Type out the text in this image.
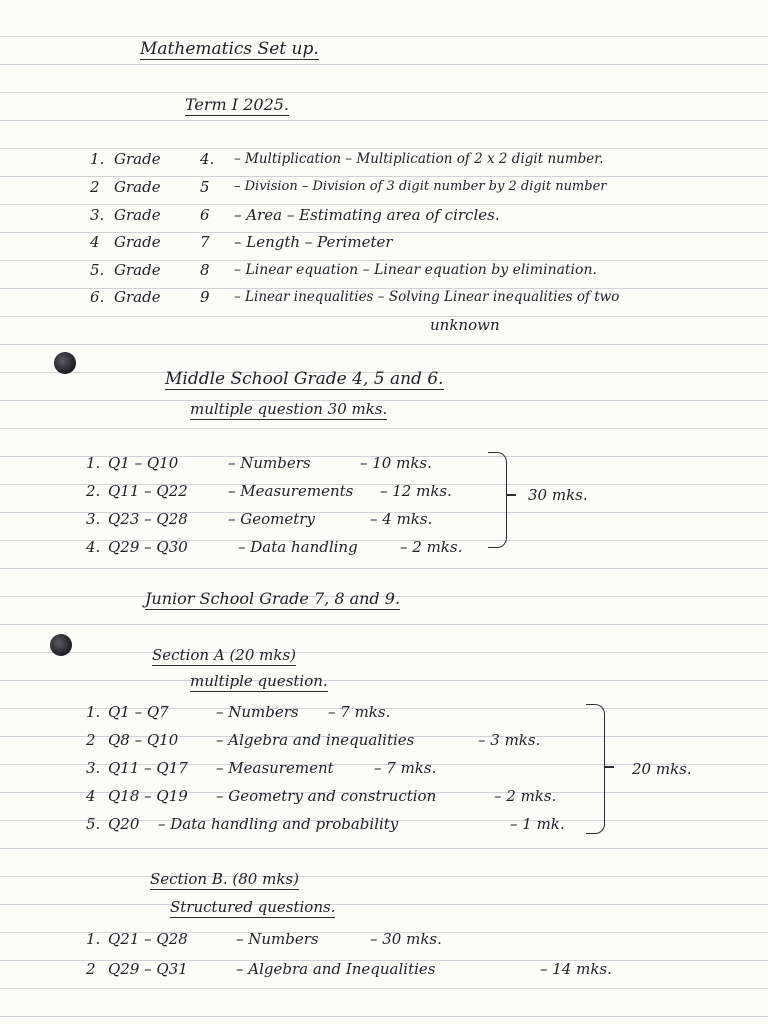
Mathematics Set up.
Term I 2025.
1. Grade	4. – Multiplication – Multiplication of 2 x 2 digit number.
2 Grade	5 – Division – Division of 3 digit number by 2 digit number
3. Grade	6 – Area – Estimating area of circles.
4 Grade	7 – Length – Perimeter
5. Grade	8 – Linear equation – Linear equation by elimination.
6. Grade	9 – Linear inequalities – Solving Linear inequalities of two
unknown
Middle School Grade 4, 5 and 6.
multiple question 30 mks.
1. Q1 – Q10	– Numbers	– 10 mks.
2. Q11 – Q22	– Measurements – 12 mks.
3. Q23 – Q28	– Geometry	– 4 mks.
4. Q29 – Q30	– Data handling	– 2 mks.
30 mks.
Junior School Grade 7, 8 and 9.
Section A (20 mks)
multiple question.
1. Q1 – Q7	– Numbers – 7 mks.
2 Q8 – Q10	– Algebra and inequalities	– 3 mks.
3. Q11 – Q17 – Measurement	– 7 mks.
4 Q18 – Q19 – Geometry and construction	– 2 mks.
5. Q20 – Data handling and probability	– 1 mk.
20 mks.
Section B. (80 mks)
Structured questions.
1. Q21 – Q28	– Numbers	– 30 mks.
2 Q29 – Q31	– Algebra and Inequalities	– 14 mks.
